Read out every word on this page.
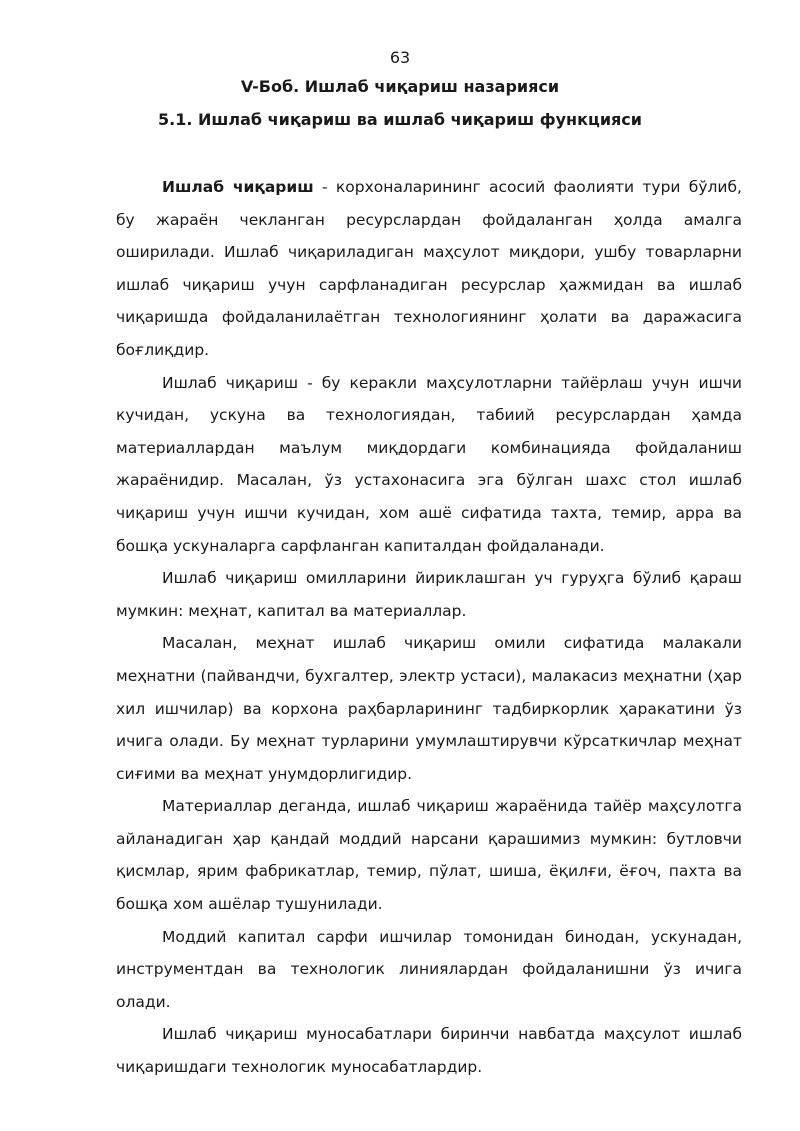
63
V-Боб. Ишлаб чиқариш назарияси
5.1. Ишлаб чиқариш ва ишлаб чиқариш функцияси

Ишлаб чиқариш - корхоналарининг асосий фаолияти тури бўлиб, бу жараён чекланган ресурслардан фойдаланган ҳолда амалга оширилади. Ишлаб чиқариладиган маҳсулот миқдори, ушбу товарларни ишлаб чиқариш учун сарфланадиган ресурслар ҳажмидан ва ишлаб чиқаришда фойдаланилаётган технологиянинг ҳолати ва даражасига боғлиқдир.

Ишлаб чиқариш - бу керакли маҳсулотларни тайёрлаш учун ишчи кучидан, ускуна ва технологиядан, табиий ресурслардан ҳамда материаллардан маълум миқдордаги комбинацияда фойдаланиш жараёнидир. Масалан, ўз устахонасига эга бўлган шахс стол ишлаб чиқариш учун ишчи кучидан, хом ашё сифатида тахта, темир, арра ва бошқа ускуналарга сарфланган капиталдан фойдаланади.

Ишлаб чиқариш омилларини йириклашган уч гуруҳга бўлиб қараш мумкин: меҳнат, капитал ва материаллар.

Масалан, меҳнат ишлаб чиқариш омили сифатида малакали меҳнатни (пайвандчи, бухгалтер, электр устаси), малакасиз меҳнатни (ҳар хил ишчилар) ва корхона раҳбарларининг тадбиркорлик ҳаракатини ўз ичига олади. Бу меҳнат турларини умумлаштирувчи кўрсаткичлар меҳнат сиғими ва меҳнат унумдорлигидир.

Материаллар деганда, ишлаб чиқариш жараёнида тайёр маҳсулотга айланадиган ҳар қандай моддий нарсани қарашимиз мумкин: бутловчи қисмлар, ярим фабрикатлар, темир, пўлат, шиша, ёқилғи, ёғоч, пахта ва бошқа хом ашёлар тушунилади.

Моддий капитал сарфи ишчилар томонидан бинодан, ускунадан, инструментдан ва технологик линиялардан фойдаланишни ўз ичига олади.

Ишлаб чиқариш муносабатлари биринчи навбатда маҳсулот ишлаб чиқаришдаги технологик муносабатлардир.
